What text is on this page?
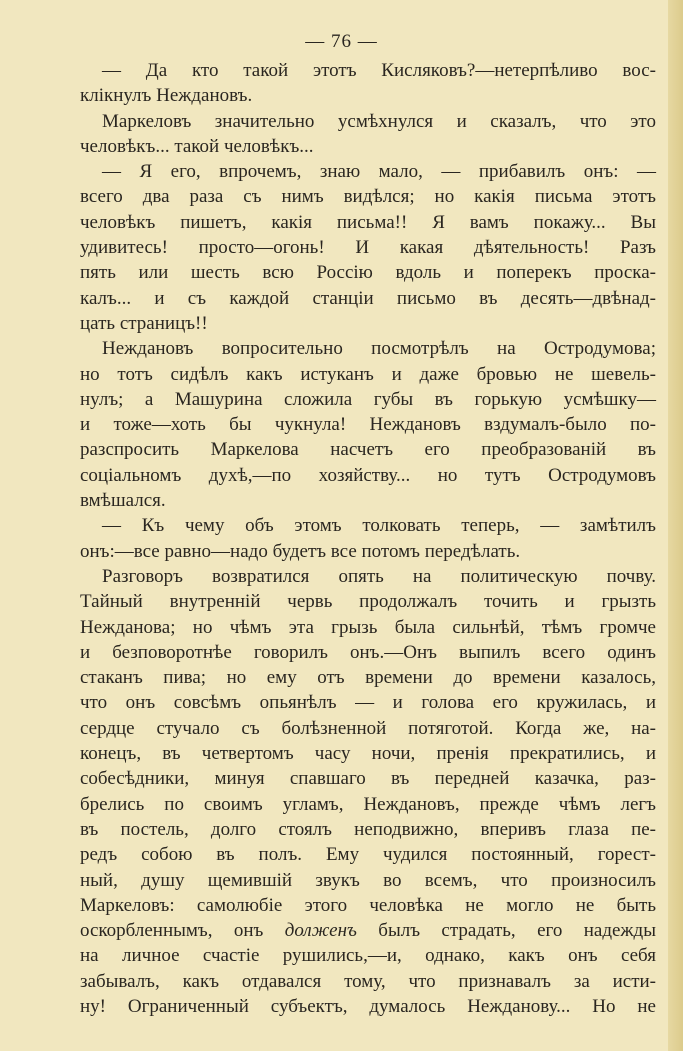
— 76 —
— Да кто такой этотъ Кисляковъ?—нетерпѣливо вос-
клікнулъ Неждановъ.
Маркеловъ значительно усмѣхнулся и сказалъ, что это
человѣкъ... такой человѣкъ...
— Я его, впрочемъ, знаю мало, — прибавилъ онъ: —
всего два раза съ нимъ видѣлся; но какія письма этотъ
человѣкъ пишетъ, какія письма!! Я вамъ покажу... Вы
удивитесь! просто—огонь! И какая дѣятельность! Разъ
пять или шесть всю Россію вдоль и поперекъ проска-
калъ... и съ каждой станціи письмо въ десять—двѣнад-
цать страницъ!!
Неждановъ вопросительно посмотрѣлъ на Остродумова;
но тотъ сидѣлъ какъ истуканъ и даже бровью не шевель-
нулъ; а Машурина сложила губы въ горькую усмѣшку—
и тоже—хоть бы чукнула! Неждановъ вздумалъ-было по-
разспросить Маркелова насчетъ его преобразованій въ
соціальномъ духѣ,—по хозяйству... но тутъ Остродумовъ
вмѣшался.
— Къ чему объ этомъ толковать теперь, — замѣтилъ
онъ:—все равно—надо будетъ все потомъ передѣлать.
Разговоръ возвратился опять на политическую почву.
Тайный внутренній червь продолжалъ точить и грызть
Нежданова; но чѣмъ эта грызь была сильнѣй, тѣмъ громче
и безповоротнѣе говорилъ онъ.—Онъ выпилъ всего одинъ
стаканъ пива; но ему отъ времени до времени казалось,
что онъ совсѣмъ опьянѣлъ — и голова его кружилась, и
сердце стучало съ болѣзненной потяготой. Когда же, на-
конецъ, въ четвертомъ часу ночи, пренія прекратились, и
собесѣдники, минуя спавшаго въ передней казачка, раз-
брелись по своимъ угламъ, Неждановъ, прежде чѣмъ легъ
въ постель, долго стоялъ неподвижно, вперивъ глаза пе-
редъ собою въ полъ. Ему чудился постоянный, горест-
ный, душу щемившій звукъ во всемъ, что произносилъ
Маркеловъ: самолюбіе этого человѣка не могло не быть
оскорбленнымъ, онъ долженъ былъ страдать, его надежды
на личное счастіе рушились,—и, однако, какъ онъ себя
забывалъ, какъ отдавался тому, что признавалъ за исти-
ну! Ограниченный субъектъ, думалось Нежданову... Но не
